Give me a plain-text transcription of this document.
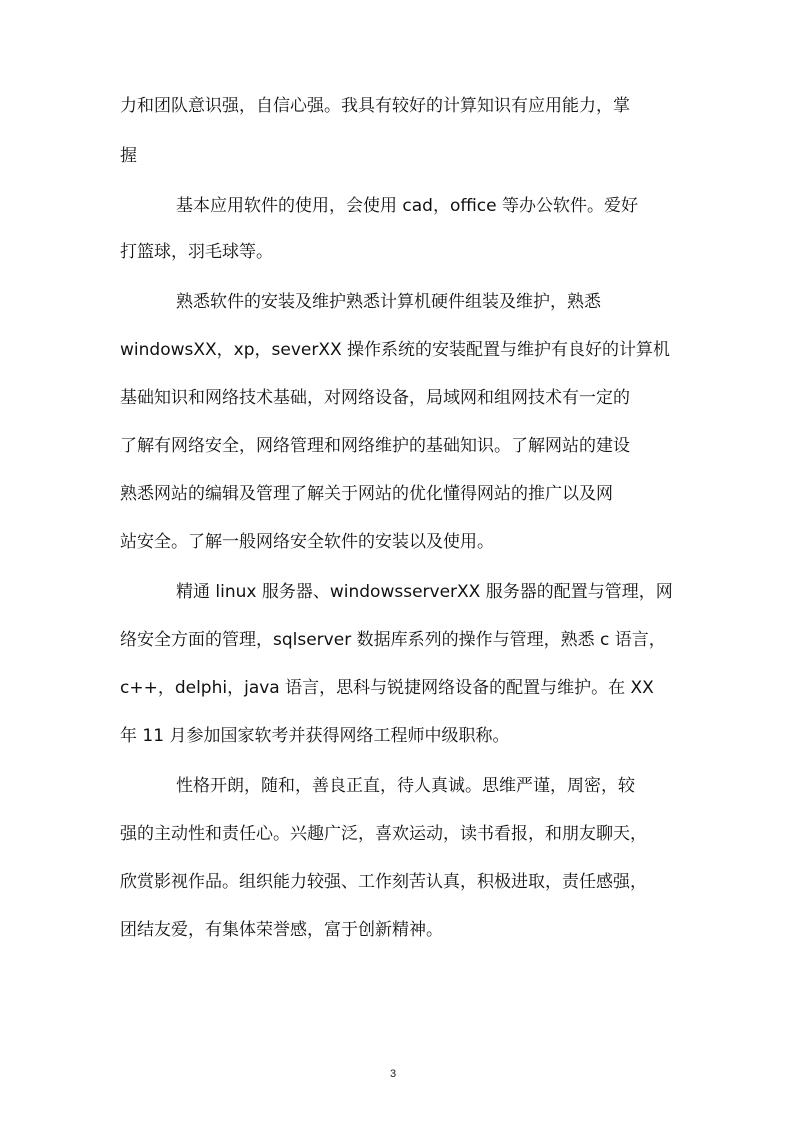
力和团队意识强，自信心强。我具有较好的计算知识有应用能力，掌
握
基本应用软件的使用，会使用 cad，office 等办公软件。爱好
打篮球，羽毛球等。
熟悉软件的安装及维护熟悉计算机硬件组装及维护，熟悉
windowsXX，xp，severXX 操作系统的安装配置与维护有良好的计算机
基础知识和网络技术基础，对网络设备，局域网和组网技术有一定的
了解有网络安全，网络管理和网络维护的基础知识。了解网站的建设
熟悉网站的编辑及管理了解关于网站的优化懂得网站的推广以及网
站安全。了解一般网络安全软件的安装以及使用。
精通 linux 服务器、windowsserverXX 服务器的配置与管理，网
络安全方面的管理，sqlserver 数据库系列的操作与管理，熟悉 c 语言，
c++，delphi，java 语言，思科与锐捷网络设备的配置与维护。在 XX
年 11 月参加国家软考并获得网络工程师中级职称。
性格开朗，随和，善良正直，待人真诚。思维严谨，周密，较
强的主动性和责任心。兴趣广泛，喜欢运动，读书看报，和朋友聊天，
欣赏影视作品。组织能力较强、工作刻苦认真，积极进取，责任感强，
团结友爱，有集体荣誉感，富于创新精神。
3
